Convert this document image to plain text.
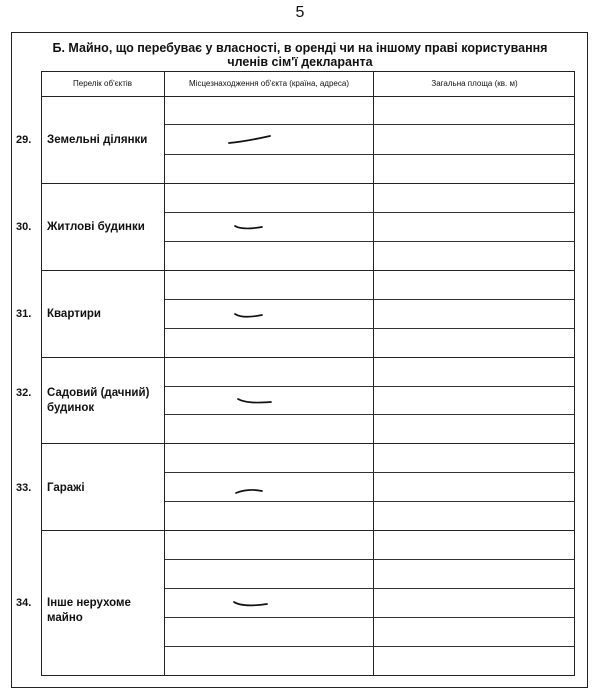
5
Б. Майно, що перебуває у власності, в оренді чи на іншому праві користування
членів сім'ї декларанта
Перелік об'єктів	Місцезнаходження об'єкта (країна, адреса)	Загальна площа (кв. м)
29.
30.
31.
32.
33.
34.
Земельні ділянки
Житлові будинки
Квартири
Садовий (дачний) будинок
Гаражі
Інше нерухоме майно
